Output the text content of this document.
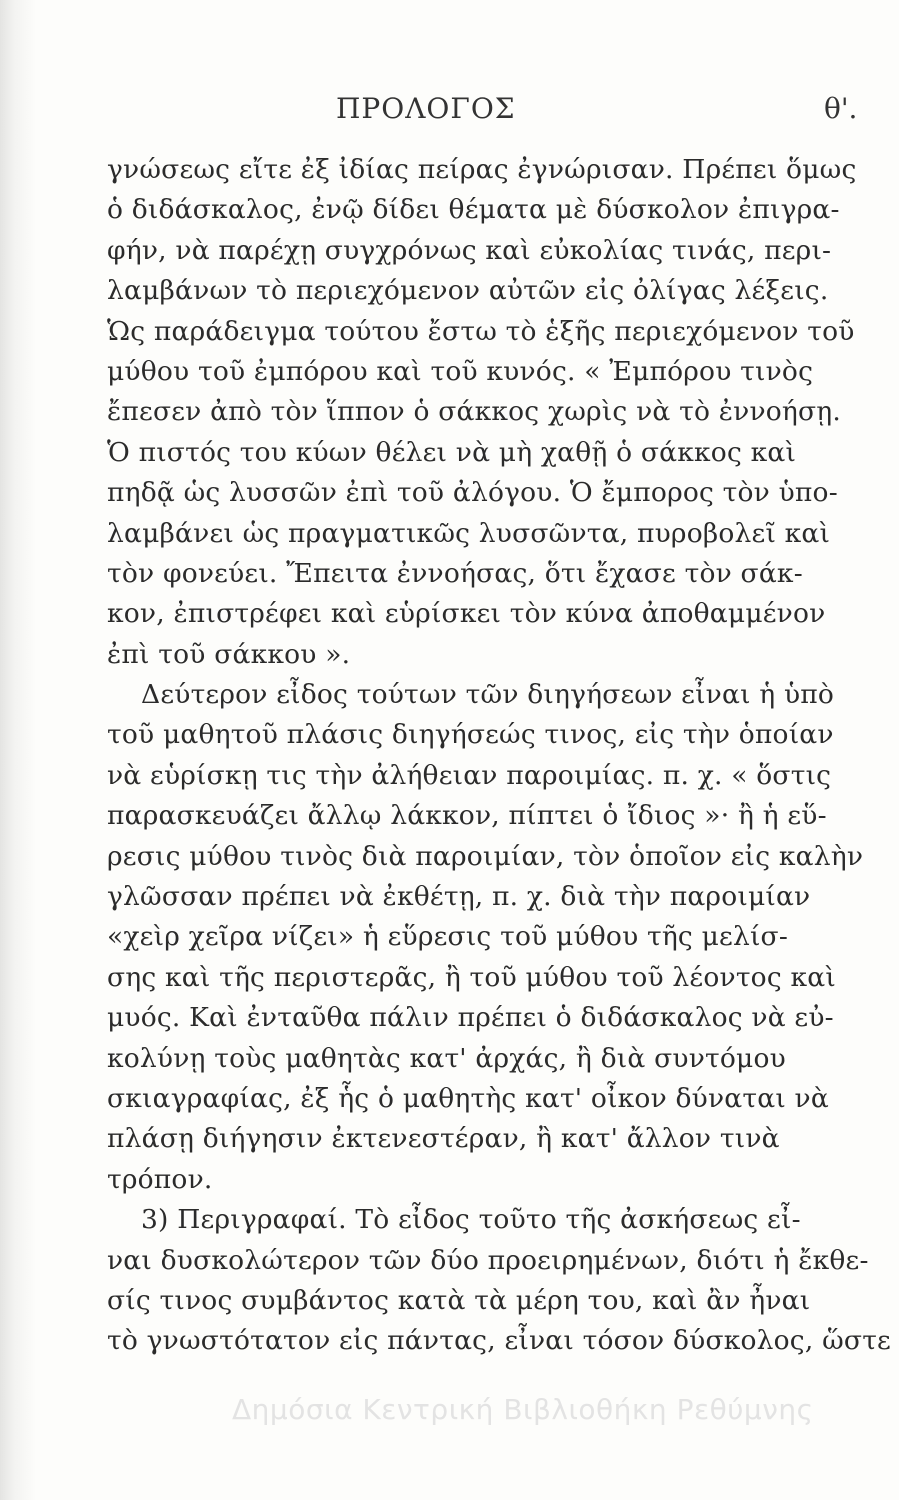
ΠΡΟΛΟΓΟΣ	θ'.
γνώσεως εἴτε ἐξ ἰδίας πείρας ἐγνώρισαν. Πρέπει ὅμως
ὁ διδάσκαλος, ἐνῷ δίδει θέματα μὲ δύσκολον ἐπιγρα-
φήν, νὰ παρέχῃ συγχρόνως καὶ εὐκολίας τινάς, περι-
λαμβάνων τὸ περιεχόμενον αὐτῶν εἰς ὀλίγας λέξεις.
Ὡς παράδειγμα τούτου ἔστω τὸ ἑξῆς περιεχόμενον τοῦ
μύθου τοῦ ἐμπόρου καὶ τοῦ κυνός. « Ἐμπόρου τινὸς
ἔπεσεν ἀπὸ τὸν ἵππον ὁ σάκκος χωρὶς νὰ τὸ ἐννοήσῃ.
Ὁ πιστός του κύων θέλει νὰ μὴ χαθῇ ὁ σάκκος καὶ
πηδᾷ ὡς λυσσῶν ἐπὶ τοῦ ἀλόγου. Ὁ ἔμπορος τὸν ὑπο-
λαμβάνει ὡς πραγματικῶς λυσσῶντα, πυροβολεῖ καὶ
τὸν φονεύει. Ἔπειτα ἐννοήσας, ὅτι ἔχασε τὸν σάκ-
κον, ἐπιστρέφει καὶ εὑρίσκει τὸν κύνα ἀποθαμμένον
ἐπὶ τοῦ σάκκου ».
Δεύτερον εἶδος τούτων τῶν διηγήσεων εἶναι ἡ ὑπὸ
τοῦ μαθητοῦ πλάσις διηγήσεώς τινος, εἰς τὴν ὁποίαν
νὰ εὑρίσκῃ τις τὴν ἀλήθειαν παροιμίας. π. χ. « ὅστις
παρασκευάζει ἄλλῳ λάκκον, πίπτει ὁ ἴδιος »· ἢ ἡ εὕ-
ρεσις μύθου τινὸς διὰ παροιμίαν, τὸν ὁποῖον εἰς καλὴν
γλῶσσαν πρέπει νὰ ἐκθέτῃ, π. χ. διὰ τὴν παροιμίαν
«χεὶρ χεῖρα νίζει» ἡ εὕρεσις τοῦ μύθου τῆς μελίσ-
σης καὶ τῆς περιστερᾶς, ἢ τοῦ μύθου τοῦ λέοντος καὶ
μυός. Καὶ ἐνταῦθα πάλιν πρέπει ὁ διδάσκαλος νὰ εὐ-
κολύνῃ τοὺς μαθητὰς κατ' ἀρχάς, ἢ διὰ συντόμου
σκιαγραφίας, ἐξ ἧς ὁ μαθητὴς κατ' οἶκον δύναται νὰ
πλάσῃ διήγησιν ἐκτενεστέραν, ἢ κατ' ἄλλον τινὰ
τρόπον.
3) Περιγραφαί. Τὸ εἶδος τοῦτο τῆς ἀσκήσεως εἶ-
ναι δυσκολώτερον τῶν δύο προειρημένων, διότι ἡ ἔκθε-
σίς τινος συμβάντος κατὰ τὰ μέρη του, καὶ ἂν ἦναι
τὸ γνωστότατον εἰς πάντας, εἶναι τόσον δύσκολος, ὥστε
Δημόσια Κεντρική Βιβλιοθήκη Ρεθύμνης
